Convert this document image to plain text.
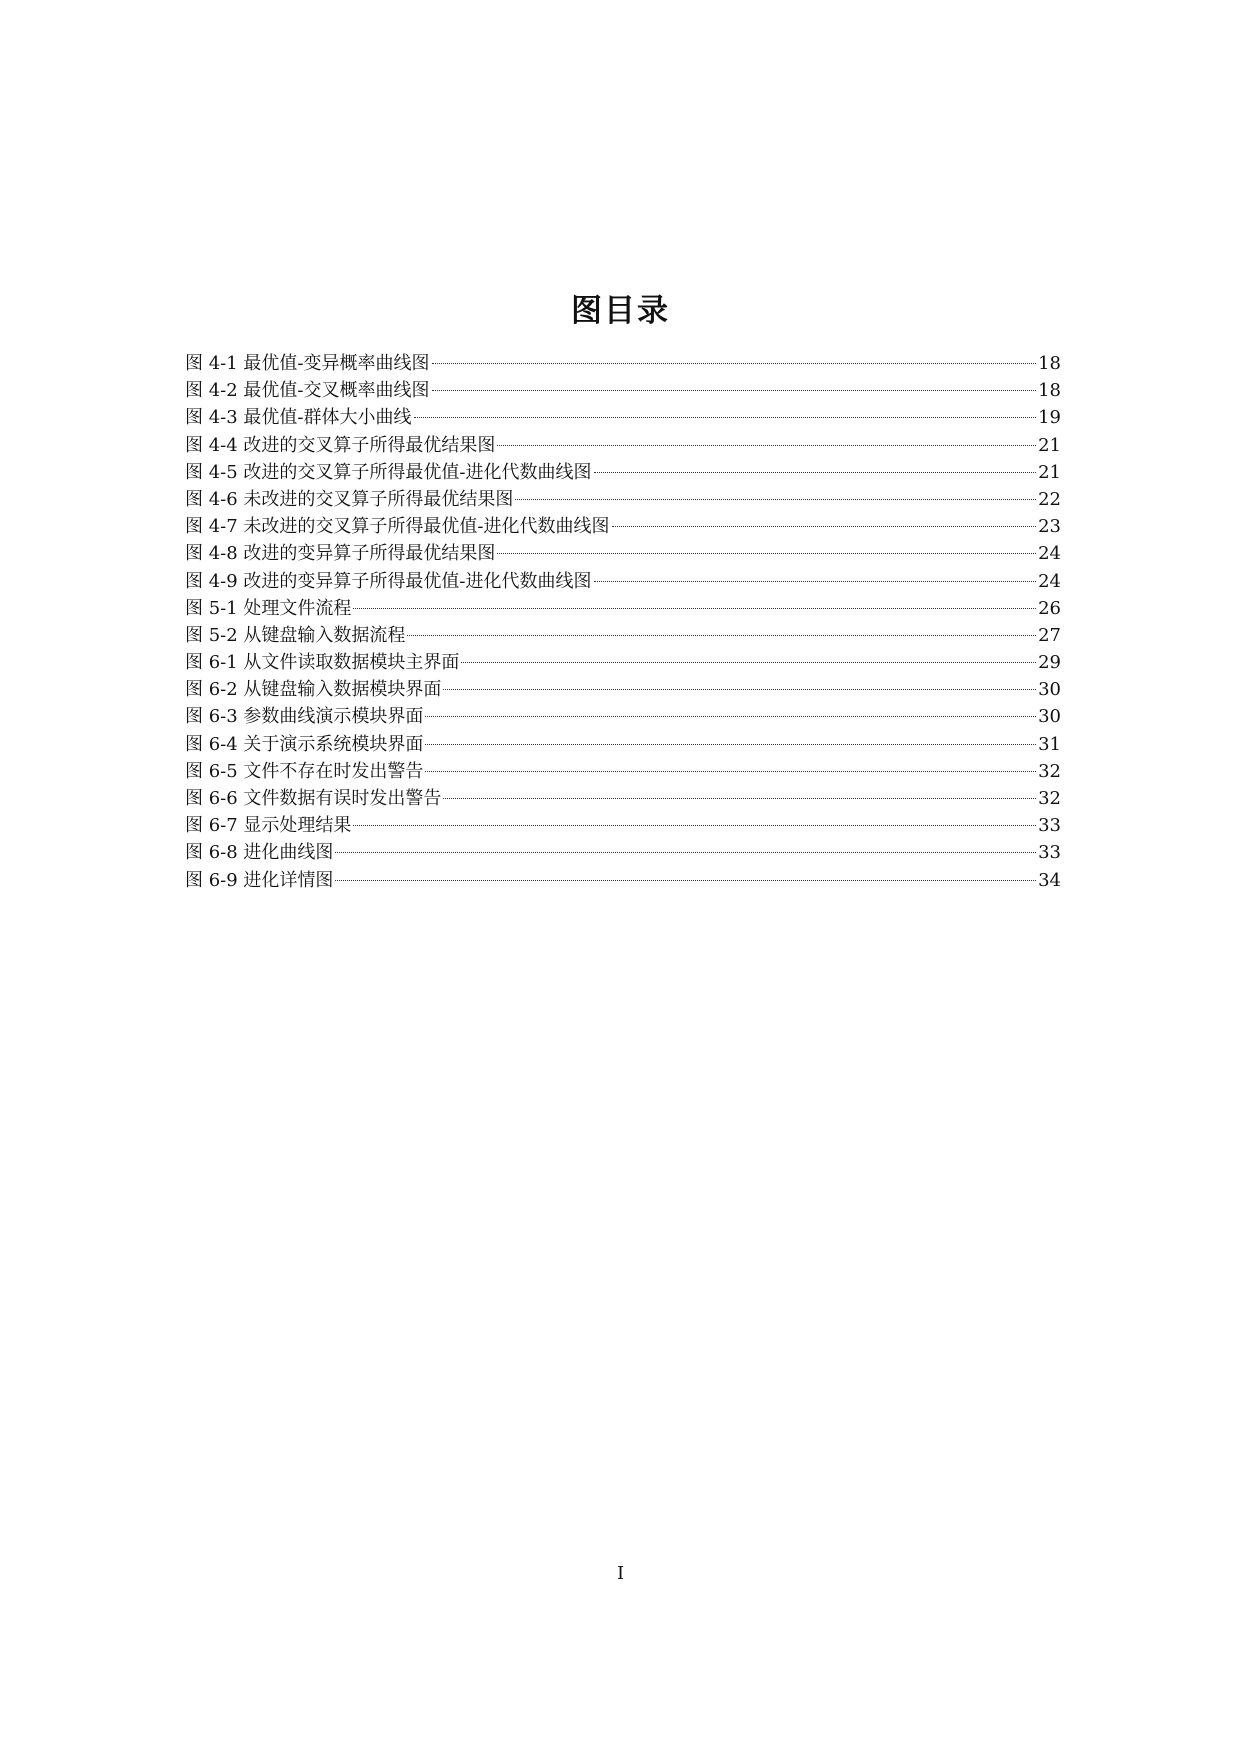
图目录
图 4-1 最优值-变异概率曲线图	18
图 4-2 最优值-交叉概率曲线图	18
图 4-3 最优值-群体大小曲线	19
图 4-4 改进的交叉算子所得最优结果图	21
图 4-5 改进的交叉算子所得最优值-进化代数曲线图	21
图 4-6 未改进的交叉算子所得最优结果图	22
图 4-7 未改进的交叉算子所得最优值-进化代数曲线图	23
图 4-8 改进的变异算子所得最优结果图	24
图 4-9 改进的变异算子所得最优值-进化代数曲线图	24
图 5-1 处理文件流程	26
图 5-2 从键盘输入数据流程	27
图 6-1 从文件读取数据模块主界面	29
图 6-2 从键盘输入数据模块界面	30
图 6-3 参数曲线演示模块界面	30
图 6-4 关于演示系统模块界面	31
图 6-5 文件不存在时发出警告	32
图 6-6 文件数据有误时发出警告	32
图 6-7 显示处理结果	33
图 6-8 进化曲线图	33
图 6-9 进化详情图	34
I
